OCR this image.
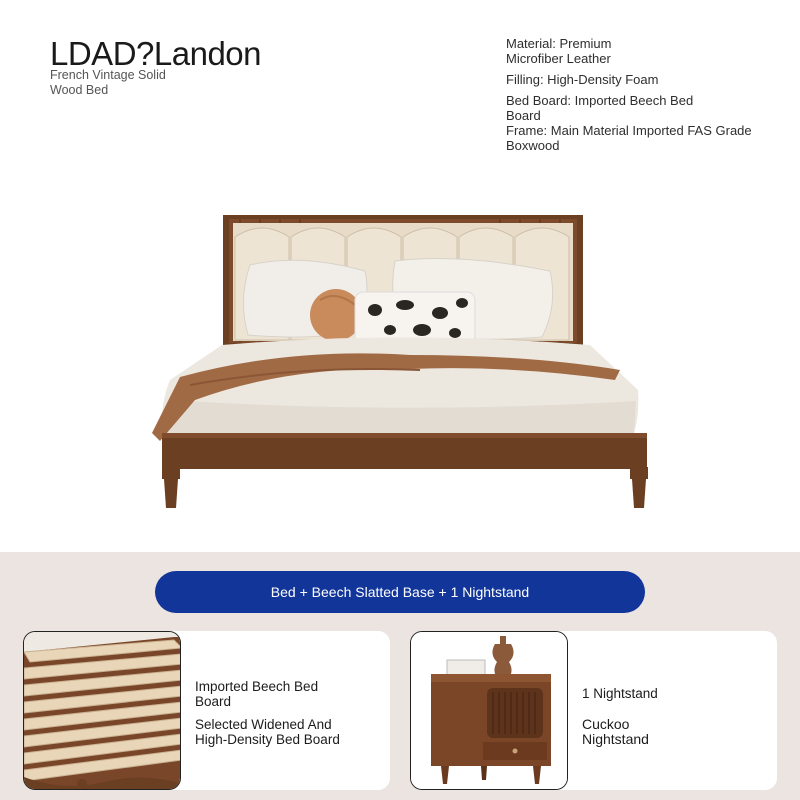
LDAD?Landon
French Vintage Solid Wood Bed
Material: Premium Microfiber Leather
Filling: High-Density Foam
Bed Board: Imported Beech Bed Board
Frame: Main Material Imported FAS Grade Boxwood
Bed + Beech Slatted Base + 1 Nightstand
Imported Beech Bed Board
Selected Widened And High-Density Bed Board
1 Nightstand
Cuckoo Nightstand
